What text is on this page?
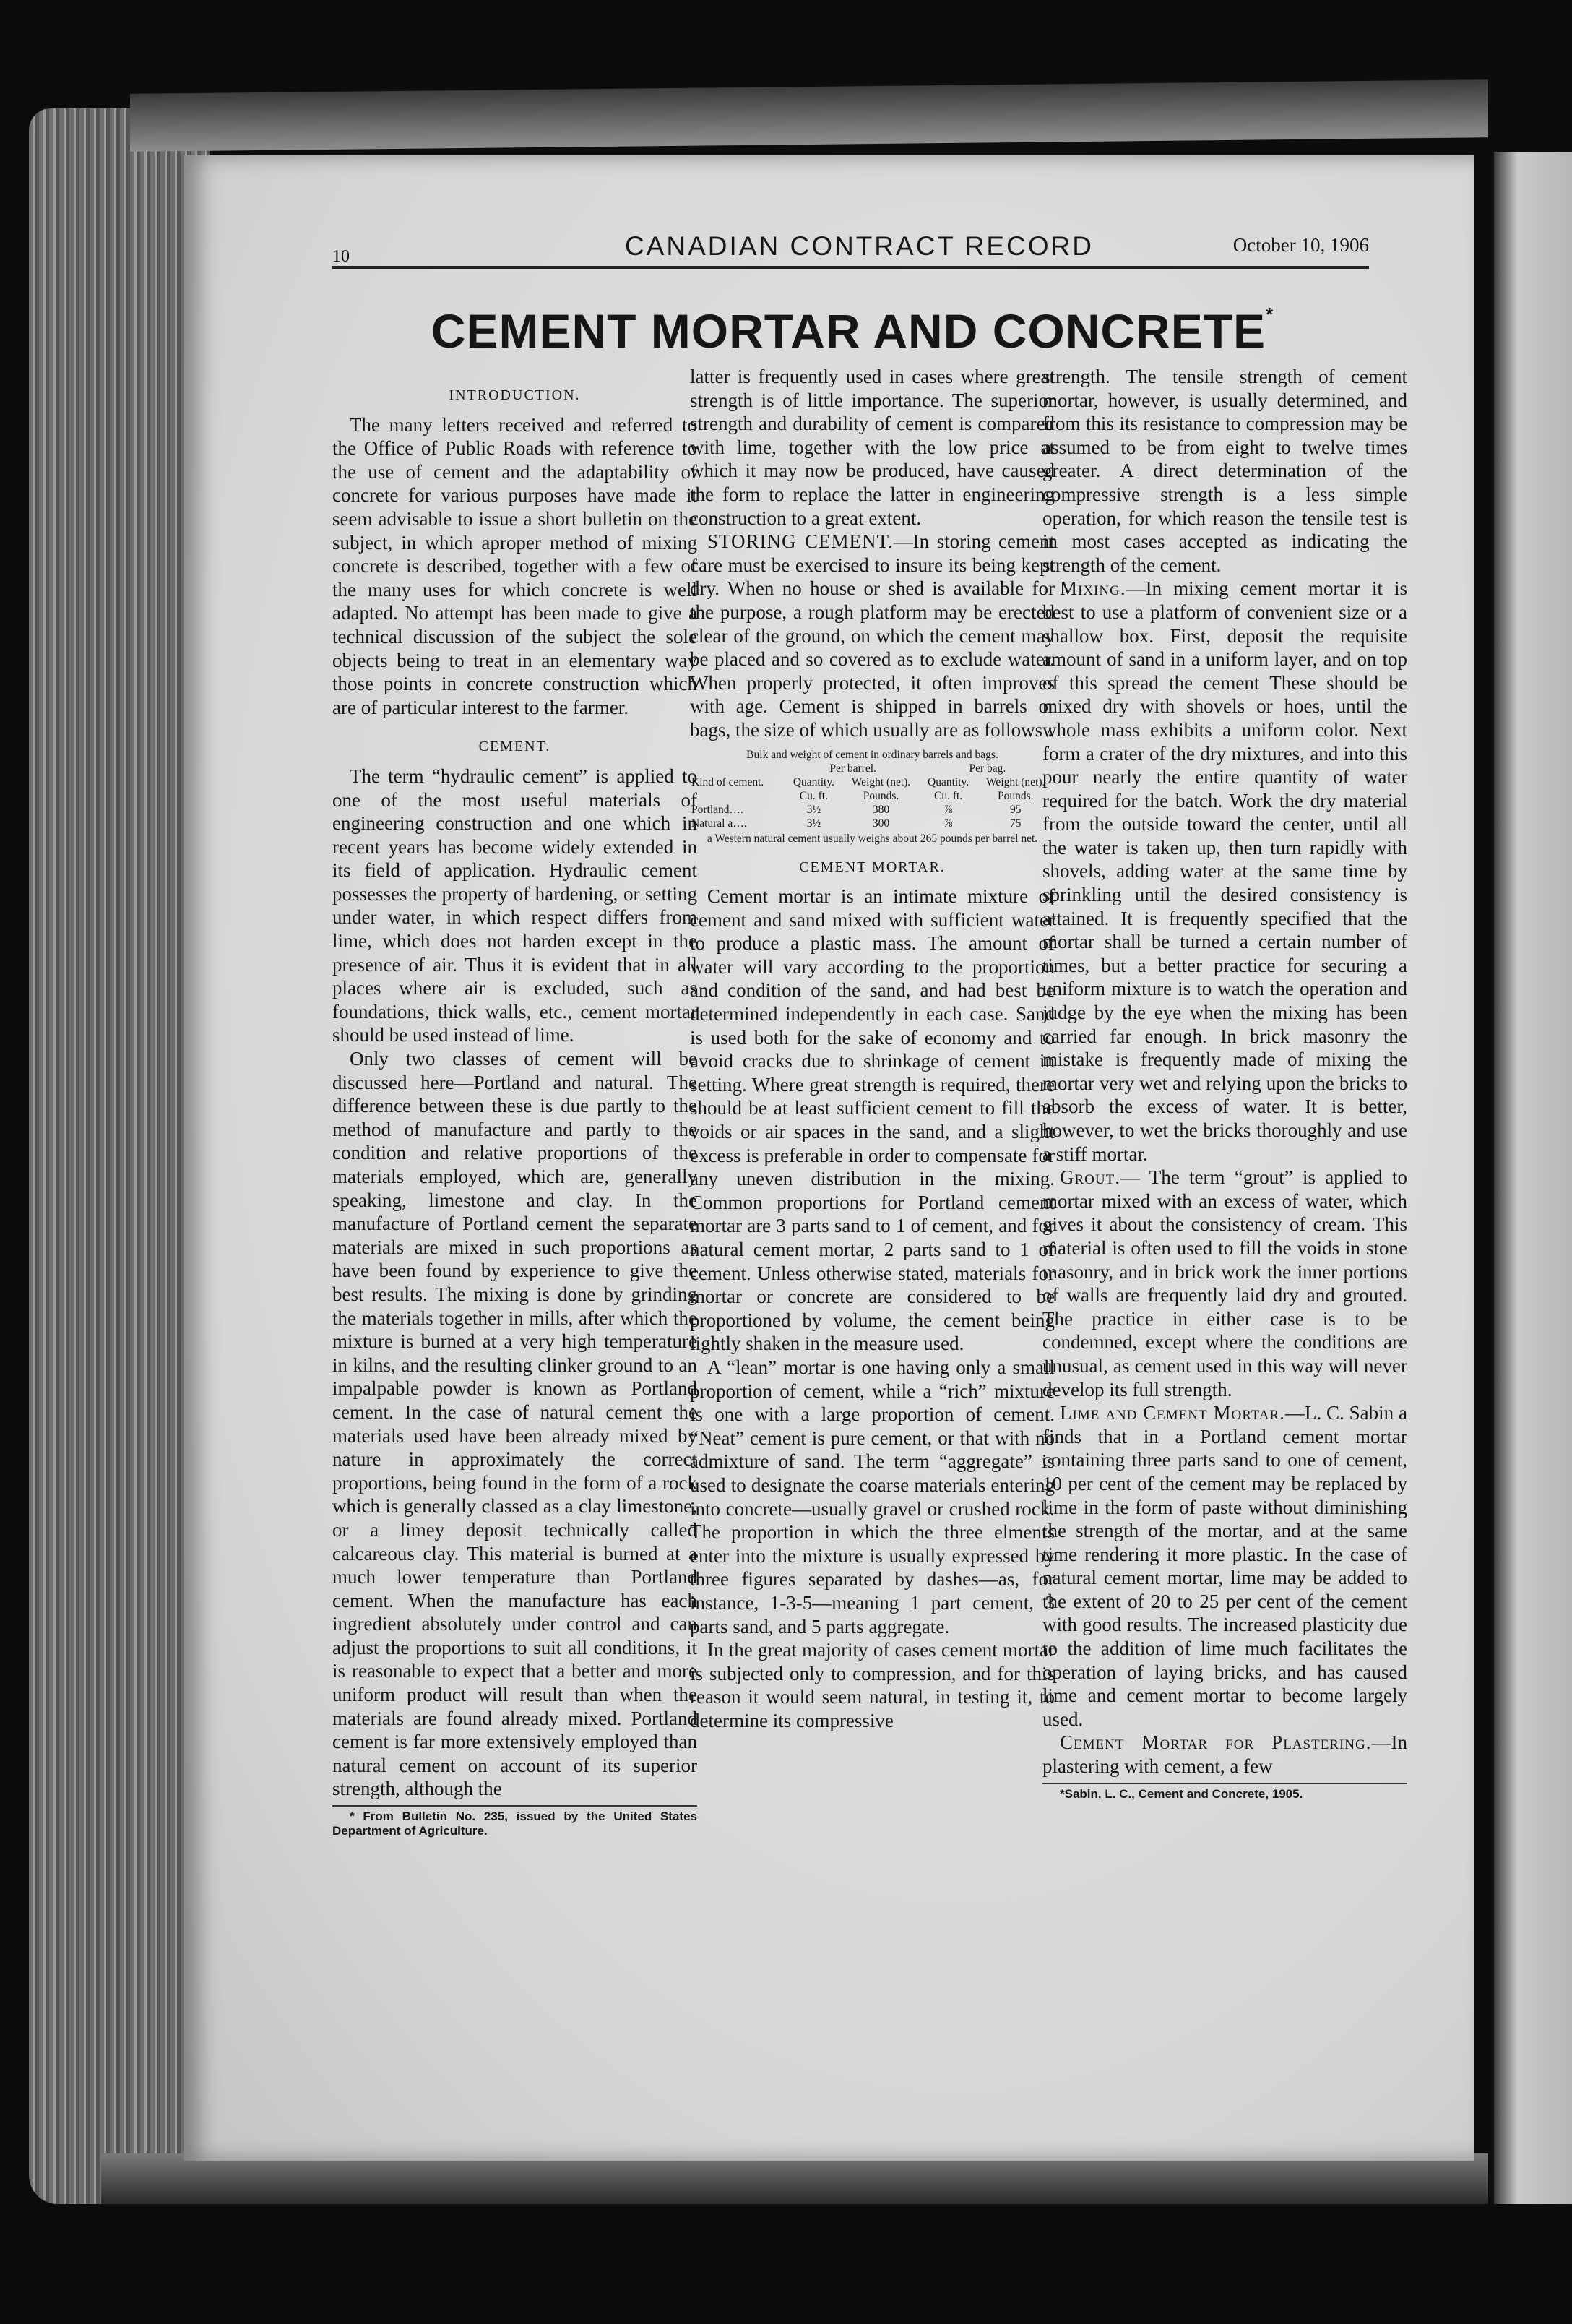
10	CANADIAN CONTRACT RECORD	October 10, 1906
CEMENT MORTAR AND CONCRETE*
INTRODUCTION.

The many letters received and referred to the Office of Public Roads with reference to the use of cement and the adaptability of concrete for various purposes have made it seem advisable to issue a short bulletin on the subject, in which aproper method of mixing concrete is described, together with a few of the many uses for which concrete is well adapted. No attempt has been made to give a technical discussion of the subject the sole objects being to treat in an elementary way those points in concrete construction which are of particular interest to the farmer.

CEMENT.

The term “hydraulic cement” is applied to one of the most useful materials of engineering construction and one which in recent years has become widely extended in its field of application. Hydraulic cement possesses the property of hardening, or setting under water, in which respect differs from lime, which does not harden except in the presence of air. Thus it is evident that in all places where air is excluded, such as foundations, thick walls, etc., cement mortar should be used instead of lime.

Only two classes of cement will be discussed here—Portland and natural. The difference between these is due partly to the method of manufacture and partly to the condition and relative proportions of the materials employed, which are, generally speaking, limestone and clay. In the manufacture of Portland cement the separate materials are mixed in such proportions as have been found by experience to give the best results. The mixing is done by grinding the materials together in mills, after which the mixture is burned at a very high temperature in kilns, and the resulting clinker ground to an impalpable powder is known as Portland cement. In the case of natural cement the materials used have been already mixed by nature in approximately the correct proportions, being found in the form of a rock which is generally classed as a clay limestone, or a limey deposit technically called calcareous clay. This material is burned at a much lower temperature than Portland cement. When the manufacture has each ingredient absolutely under control and can adjust the proportions to suit all conditions, it is reasonable to expect that a better and more uniform product will result than when the materials are found already mixed. Portland cement is far more extensively employed than natural cement on account of its superior strength, although the

* From Bulletin No. 235, issued by the United States Department of Agriculture.

latter is frequently used in cases where great strength is of little importance. The superior strength and durability of cement is compared with lime, together with the low price at which it may now be produced, have caused the form to replace the latter in engineering construction to a great extent.

STORING CEMENT.—In storing cement care must be exercised to insure its being kept dry. When no house or shed is available for the purpose, a rough platform may be erected clear of the ground, on which the cement may be placed and so covered as to exclude water. When properly protected, it often improves with age. Cement is shipped in barrels or bags, the size of which usually are as follows :

Bulk and weight of cement in ordinary barrels and bags.
	Per barrel.		Per bag.	
Kind of cement.	Quantity.	Weight (net).	Quantity.	Weight (net).
	Cu. ft.	Pounds.	Cu. ft.	Pounds.
Portland….	3½	380	⅞	95
Natural a….	3½	300	⅞	75
a Western natural cement usually weighs about 265 pounds per barrel net.
CEMENT MORTAR.

Cement mortar is an intimate mixture of cement and sand mixed with sufficient water to produce a plastic mass. The amount of water will vary according to the proportion and condition of the sand, and had best be determined independently in each case. Sand is used both for the sake of economy and to avoid cracks due to shrinkage of cement in setting. Where great strength is required, there should be at least sufficient cement to fill the voids or air spaces in the sand, and a slight excess is preferable in order to compensate for any uneven distribution in the mixing. Common proportions for Portland cement mortar are 3 parts sand to 1 of cement, and for natural cement mortar, 2 parts sand to 1 of cement. Unless otherwise stated, materials for mortar or concrete are considered to be proportioned by volume, the cement being lightly shaken in the measure used.

A “lean” mortar is one having only a small proportion of cement, while a “rich” mixture is one with a large proportion of cement. “Neat” cement is pure cement, or that with no admixture of sand. The term “aggregate” is used to designate the coarse materials entering into concrete—usually gravel or crushed rock. The proportion in which the three elments enter into the mixture is usually expressed by three figures separated by dashes—as, for instance, 1-3-5—meaning 1 part cement, 3 parts sand, and 5 parts aggregate.

In the great majority of cases cement mortar is subjected only to compression, and for this reason it would seem natural, in testing it, to determine its compressive

strength. The tensile strength of cement mortar, however, is usually determined, and from this its resistance to compression may be assumed to be from eight to twelve times greater. A direct determination of the compressive strength is a less simple operation, for which reason the tensile test is in most cases accepted as indicating the strength of the cement.

Mixing.—In mixing cement mortar it is best to use a platform of convenient size or a shallow box. First, deposit the requisite amount of sand in a uniform layer, and on top of this spread the cement These should be mixed dry with shovels or hoes, until the whole mass exhibits a uniform color. Next form a crater of the dry mixtures, and into this pour nearly the entire quantity of water required for the batch. Work the dry material from the outside toward the center, until all the water is taken up, then turn rapidly with shovels, adding water at the same time by sprinkling until the desired consistency is attained. It is frequently specified that the mortar shall be turned a certain number of times, but a better practice for securing a uniform mixture is to watch the operation and judge by the eye when the mixing has been carried far enough. In brick masonry the mistake is frequently made of mixing the mortar very wet and relying upon the bricks to absorb the excess of water. It is better, however, to wet the bricks thoroughly and use a stiff mortar.

Grout.— The term “grout” is applied to mortar mixed with an excess of water, which gives it about the consistency of cream. This material is often used to fill the voids in stone masonry, and in brick work the inner portions of walls are frequently laid dry and grouted. The practice in either case is to be condemned, except where the conditions are unusual, as cement used in this way will never develop its full strength.

Lime and Cement Mortar.—L. C. Sabin a finds that in a Portland cement mortar containing three parts sand to one of cement, 10 per cent of the cement may be replaced by lime in the form of paste without diminishing the strength of the mortar, and at the same time rendering it more plastic. In the case of natural cement mortar, lime may be added to the extent of 20 to 25 per cent of the cement with good results. The increased plasticity due to the addition of lime much facilitates the operation of laying bricks, and has caused lime and cement mortar to become largely used.

Cement Mortar for Plastering.—In plastering with cement, a few

*Sabin, L. C., Cement and Concrete, 1905.
